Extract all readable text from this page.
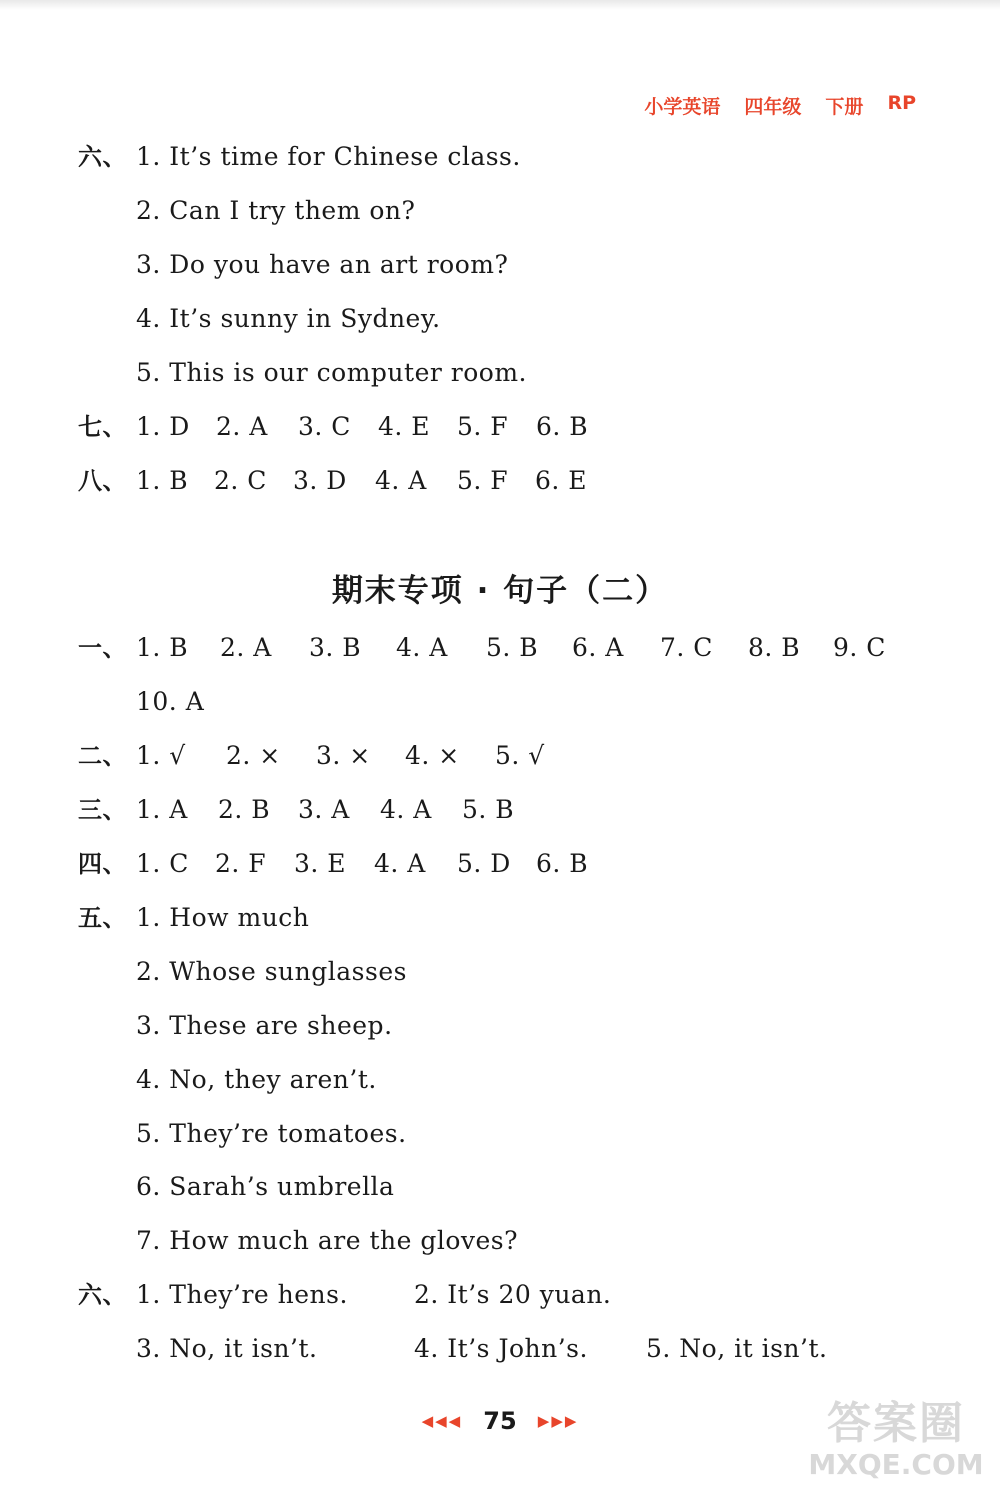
小学英语 四年级 下册 RP
六、 1. It’s time for Chinese class.
2. Can I try them on?
3. Do you have an art room?
4. It’s sunny in Sydney.
5. This is our computer room.
七、 1. D 2. A 3. C 4. E 5. F 6. B
八、 1. B 2. C 3. D 4. A 5. F 6. E
期末专项 · 句子（二）
一、 1. B 2. A 3. B 4. A 5. B 6. A 7. C 8. B 9. C
10. A
二、 1. √ 2. × 3. × 4. × 5. √
三、 1. A 2. B 3. A 4. A 5. B
四、 1. C 2. F 3. E 4. A 5. D 6. B
五、 1. How much
2. Whose sunglasses
3. These are sheep.
4. No, they aren’t.
5. They’re tomatoes.
6. Sarah’s umbrella
7. How much are the gloves?
六、 1. They’re hens.	2. It’s 20 yuan.
3. No, it isn’t.	4. It’s John’s. 5. No, it isn’t.
◀◀◀ 75 ▶▶▶	答案圈
MXQE.COM
